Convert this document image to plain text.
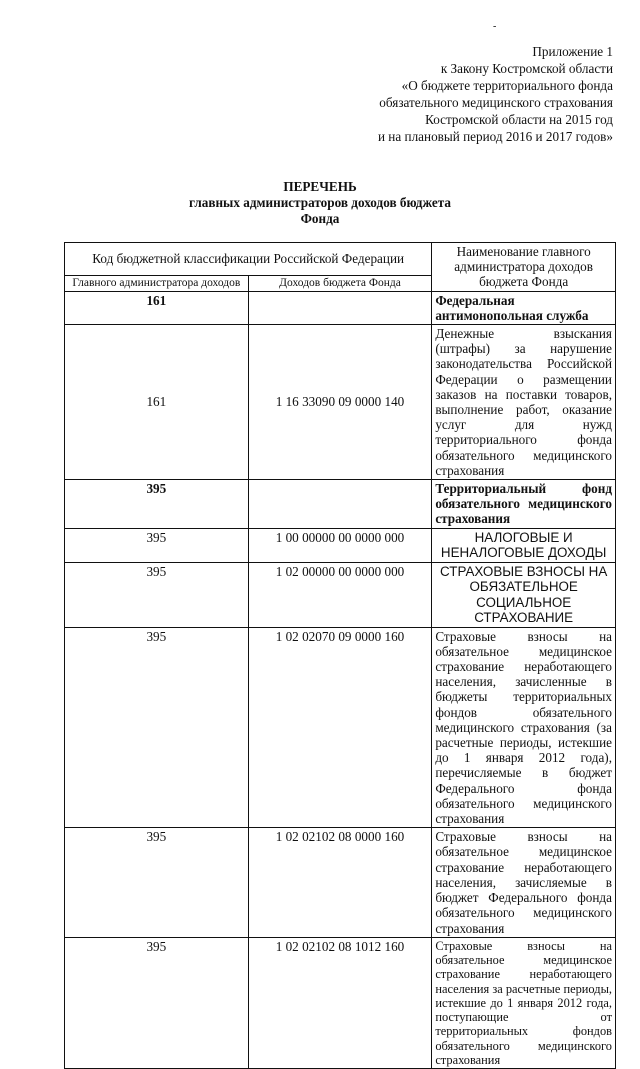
-
Приложение 1
к Закону Костромской области
«О бюджете территориального фонда
обязательного медицинского страхования
Костромской области на 2015 год
и на плановый период 2016 и 2017 годов»
ПЕРЕЧЕНЬ
главных администраторов доходов бюджета
Фонда
Код бюджетной классификации Российской Федерации		Наименование главного администратора доходов бюджета Фонда
Главного администратора доходов	Доходов бюджета Фонда	
161		Федеральная антимонопольная служба
161	1 16 33090 09 0000 140	Денежные взыскания (штрафы) за нарушение законодательства Российской Федерации о размещении заказов на поставки товаров, выполнение работ, оказание услуг для нужд территориального фонда обязательного медицинского страхования
395		Территориальный фонд обязательного медицинского страхования
395	1 00 00000 00 0000 000	НАЛОГОВЫЕ И НЕНАЛОГОВЫЕ ДОХОДЫ
395	1 02 00000 00 0000 000	СТРАХОВЫЕ ВЗНОСЫ НА ОБЯЗАТЕЛЬНОЕ СОЦИАЛЬНОЕ СТРАХОВАНИЕ
395	1 02 02070 09 0000 160	Страховые взносы на обязательное медицинское страхование неработающего населения, зачисленные в бюджеты территориальных фондов обязательного медицинского страхования (за расчетные периоды, истекшие до 1 января 2012 года), перечисляемые в бюджет Федерального фонда обязательного медицинского страхования
395	1 02 02102 08 0000 160	Страховые взносы на обязательное медицинское страхование неработающего населения, зачисляемые в бюджет Федерального фонда обязательного медицинского страхования
395	1 02 02102 08 1012 160	Страховые взносы на обязательное медицинское страхование неработающего населения за расчетные периоды, истекшие до 1 января 2012 года, поступающие от территориальных фондов обязательного медицинского страхования
